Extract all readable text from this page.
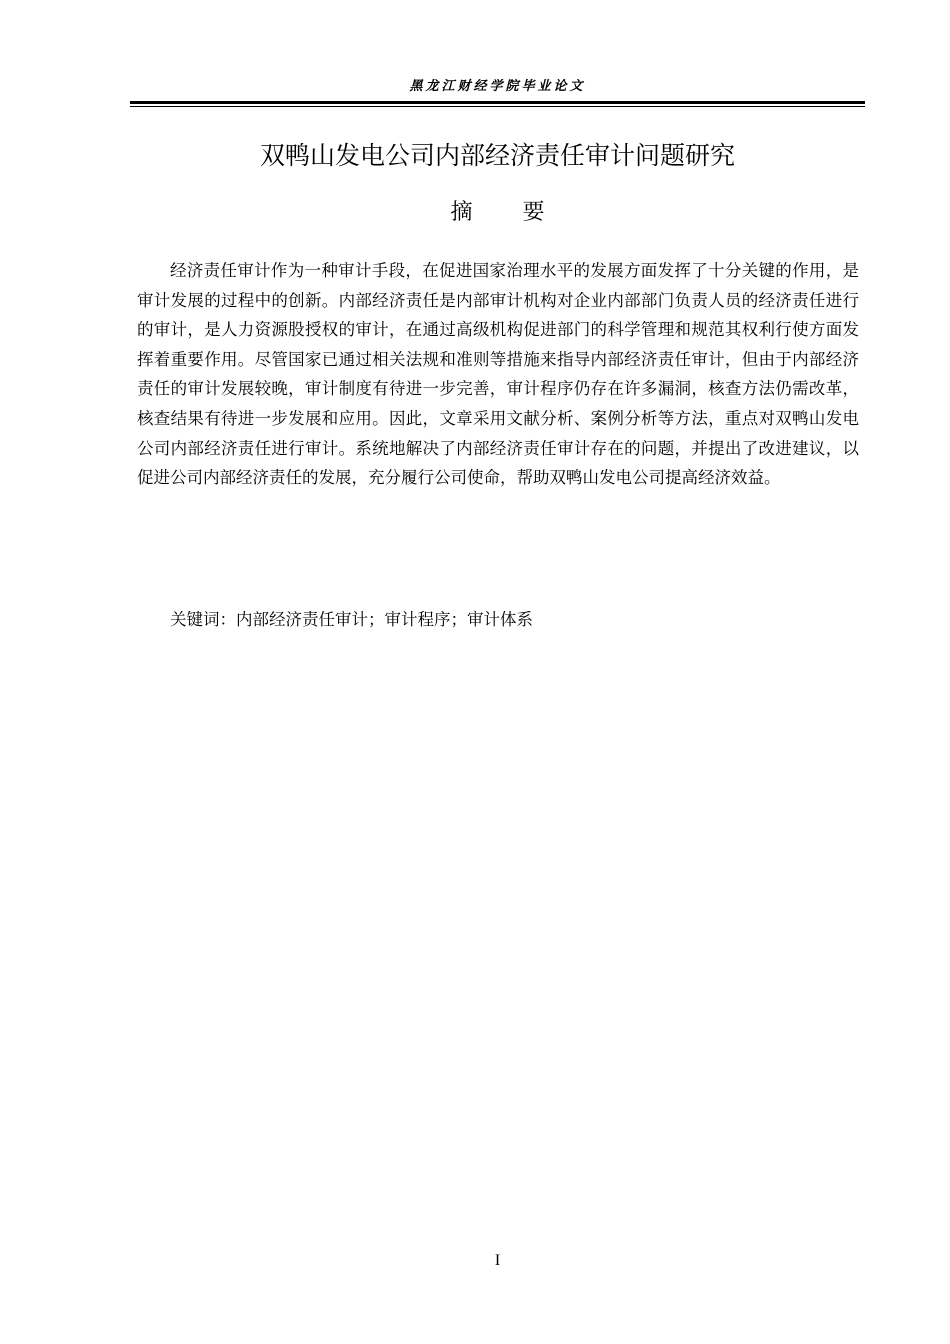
黑龙江财经学院毕业论文
双鸭山发电公司内部经济责任审计问题研究
摘要

经济责任审计作为一种审计手段，在促进国家治理水平的发展方面发挥了十分关键的作用，是审计发展的过程中的创新。内部经济责任是内部审计机构对企业内部部门负责人员的经济责任进行的审计，是人力资源股授权的审计，在通过高级机构促进部门的科学管理和规范其权利行使方面发挥着重要作用。尽管国家已通过相关法规和准则等措施来指导内部经济责任审计，但由于内部经济责任的审计发展较晚，审计制度有待进一步完善，审计程序仍存在许多漏洞，核查方法仍需改革，核查结果有待进一步发展和应用。因此，文章采用文献分析、案例分析等方法，重点对双鸭山发电公司内部经济责任进行审计。系统地解决了内部经济责任审计存在的问题，并提出了改进建议，以促进公司内部经济责任的发展，充分履行公司使命，帮助双鸭山发电公司提高经济效益。

关键词：内部经济责任审计；审计程序；审计体系

I
